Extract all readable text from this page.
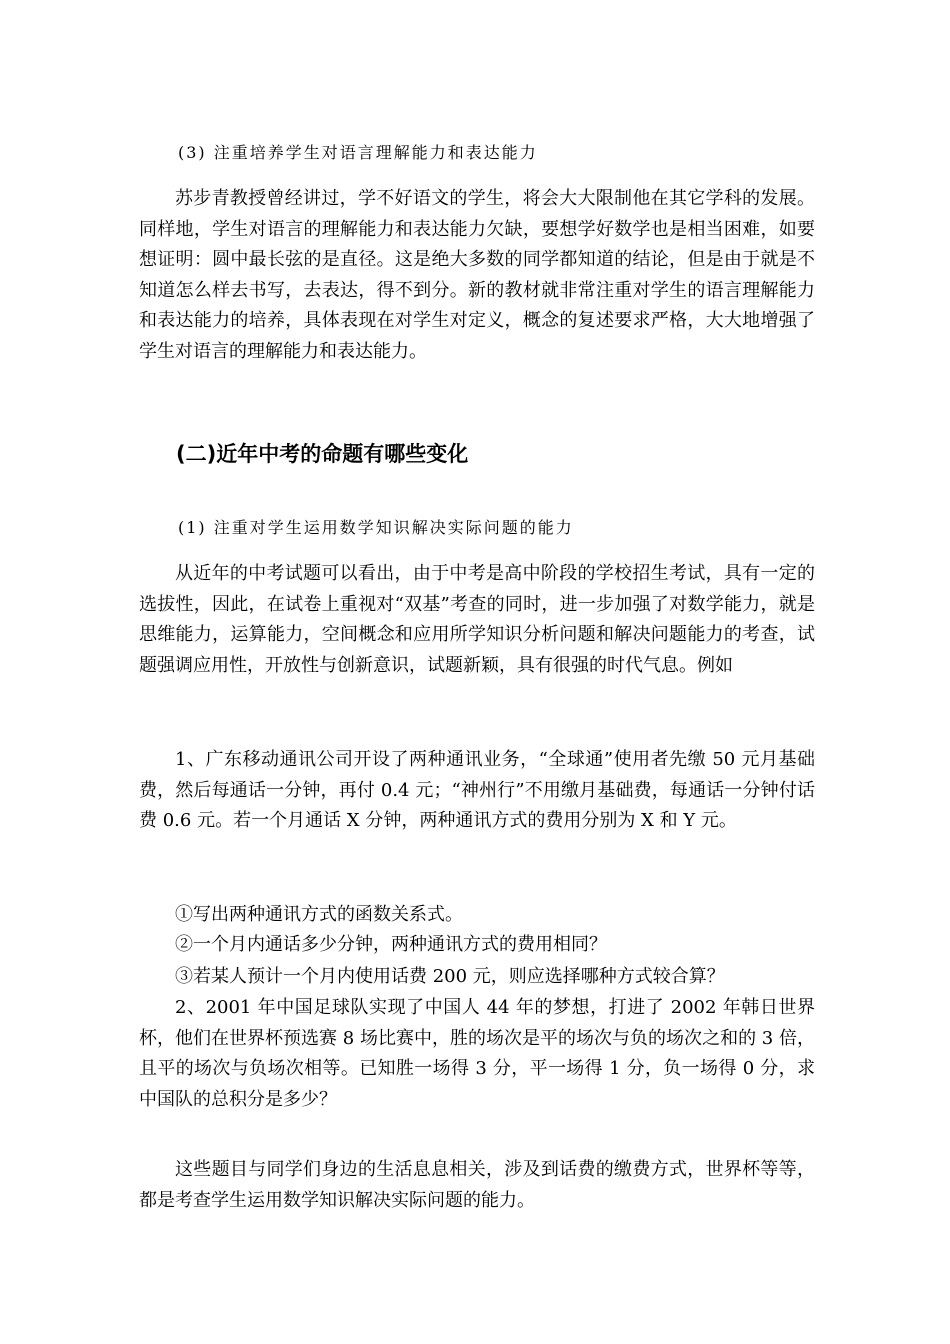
(3) 注重培养学生对语言理解能力和表达能力

苏步青教授曾经讲过，学不好语文的学生，将会大大限制他在其它学科的发展。同样地，学生对语言的理解能力和表达能力欠缺，要想学好数学也是相当困难，如要想证明：圆中最长弦的是直径。这是绝大多数的同学都知道的结论，但是由于就是不知道怎么样去书写，去表达，得不到分。新的教材就非常注重对学生的语言理解能力和表达能力的培养，具体表现在对学生对定义，概念的复述要求严格，大大地增强了学生对语言的理解能力和表达能力。

(二)近年中考的命题有哪些变化

(1) 注重对学生运用数学知识解决实际问题的能力

从近年的中考试题可以看出，由于中考是高中阶段的学校招生考试，具有一定的选拔性，因此，在试卷上重视对“双基”考查的同时，进一步加强了对数学能力，就是思维能力，运算能力，空间概念和应用所学知识分析问题和解决问题能力的考查，试题强调应用性，开放性与创新意识，试题新颖，具有很强的时代气息。例如

1、广东移动通讯公司开设了两种通讯业务，“全球通”使用者先缴 50 元月基础费，然后每通话一分钟，再付 0.4 元；“神州行”不用缴月基础费，每通话一分钟付话费 0.6 元。若一个月通话 X 分钟，两种通讯方式的费用分别为 X 和 Y 元。

①写出两种通讯方式的函数关系式。

②一个月内通话多少分钟，两种通讯方式的费用相同？

③若某人预计一个月内使用话费 200 元，则应选择哪种方式较合算？

2、2001 年中国足球队实现了中国人 44 年的梦想，打进了 2002 年韩日世界杯，他们在世界杯预选赛 8 场比赛中，胜的场次是平的场次与负的场次之和的 3 倍，且平的场次与负场次相等。已知胜一场得 3 分，平一场得 1 分，负一场得 0 分，求中国队的总积分是多少？

这些题目与同学们身边的生活息息相关，涉及到话费的缴费方式，世界杯等等，都是考查学生运用数学知识解决实际问题的能力。
